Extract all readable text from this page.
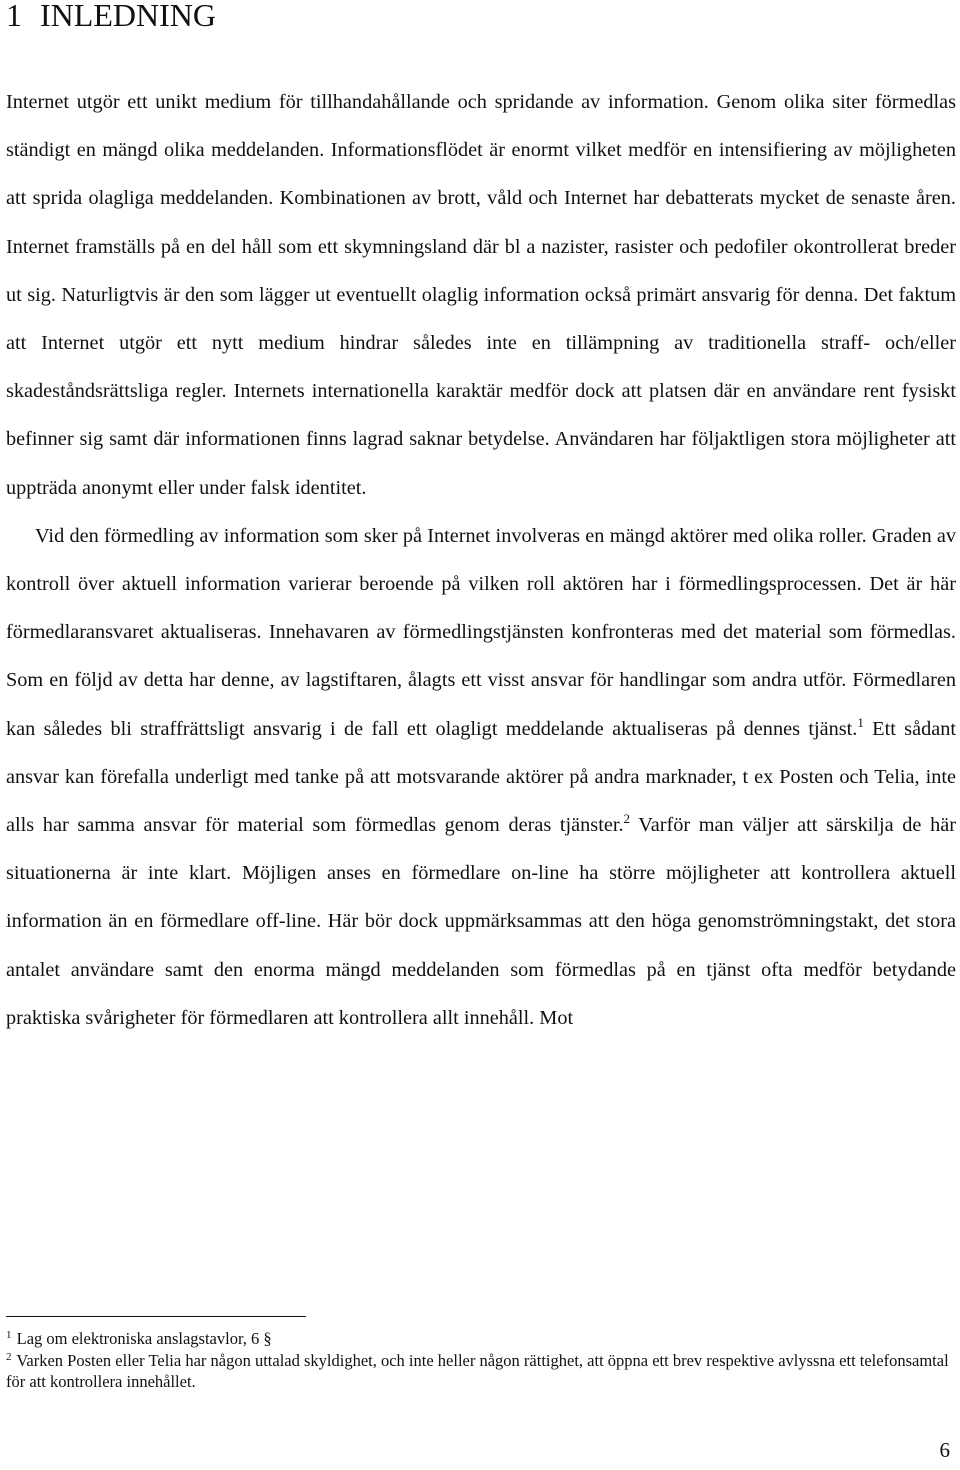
1 INLEDNING

Internet utgör ett unikt medium för tillhandahållande och spridande av information. Genom olika siter förmedlas ständigt en mängd olika meddelanden. Informationsflödet är enormt vilket medför en intensifiering av möjligheten att sprida olagliga meddelanden. Kombinationen av brott, våld och Internet har debatterats mycket de senaste åren. Internet framställs på en del håll som ett skymningsland där bl a nazister, rasister och pedofiler okontrollerat breder ut sig. Naturligtvis är den som lägger ut eventuellt olaglig information också primärt ansvarig för denna. Det faktum att Internet utgör ett nytt medium hindrar således inte en tillämpning av traditionella straff- och/eller skadeståndsrättsliga regler. Internets internationella karaktär medför dock att platsen där en användare rent fysiskt befinner sig samt där informationen finns lagrad saknar betydelse. Användaren har följaktligen stora möjligheter att uppträda anonymt eller under falsk identitet.

Vid den förmedling av information som sker på Internet involveras en mängd aktörer med olika roller. Graden av kontroll över aktuell information varierar beroende på vilken roll aktören har i förmedlingsprocessen. Det är här förmedlaransvaret aktualiseras. Innehavaren av förmedlingstjänsten konfronteras med det material som förmedlas. Som en följd av detta har denne, av lagstiftaren, ålagts ett visst ansvar för handlingar som andra utför. Förmedlaren kan således bli straffrättsligt ansvarig i de fall ett olagligt meddelande aktualiseras på dennes tjänst.$^1$ Ett sådant ansvar kan förefalla underligt med tanke på att motsvarande aktörer på andra marknader, t ex Posten och Telia, inte alls har samma ansvar för material som förmedlas genom deras tjänster.$^2$ Varför man väljer att särskilja de här situationerna är inte klart. Möjligen anses en förmedlare on-line ha större möjligheter att kontrollera aktuell information än en förmedlare off-line. Här bör dock uppmärksammas att den höga genomströmningstakt, det stora antalet användare samt den enorma mängd meddelanden som förmedlas på en tjänst ofta medför betydande praktiska svårigheter för förmedlaren att kontrollera allt innehåll. Mot

$^1$ Lag om elektroniska anslagstavlor, 6 §

$^2$ Varken Posten eller Telia har någon uttalad skyldighet, och inte heller någon rättighet, att öppna ett brev respektive avlyssna ett telefonsamtal för att kontrollera innehållet.

6
